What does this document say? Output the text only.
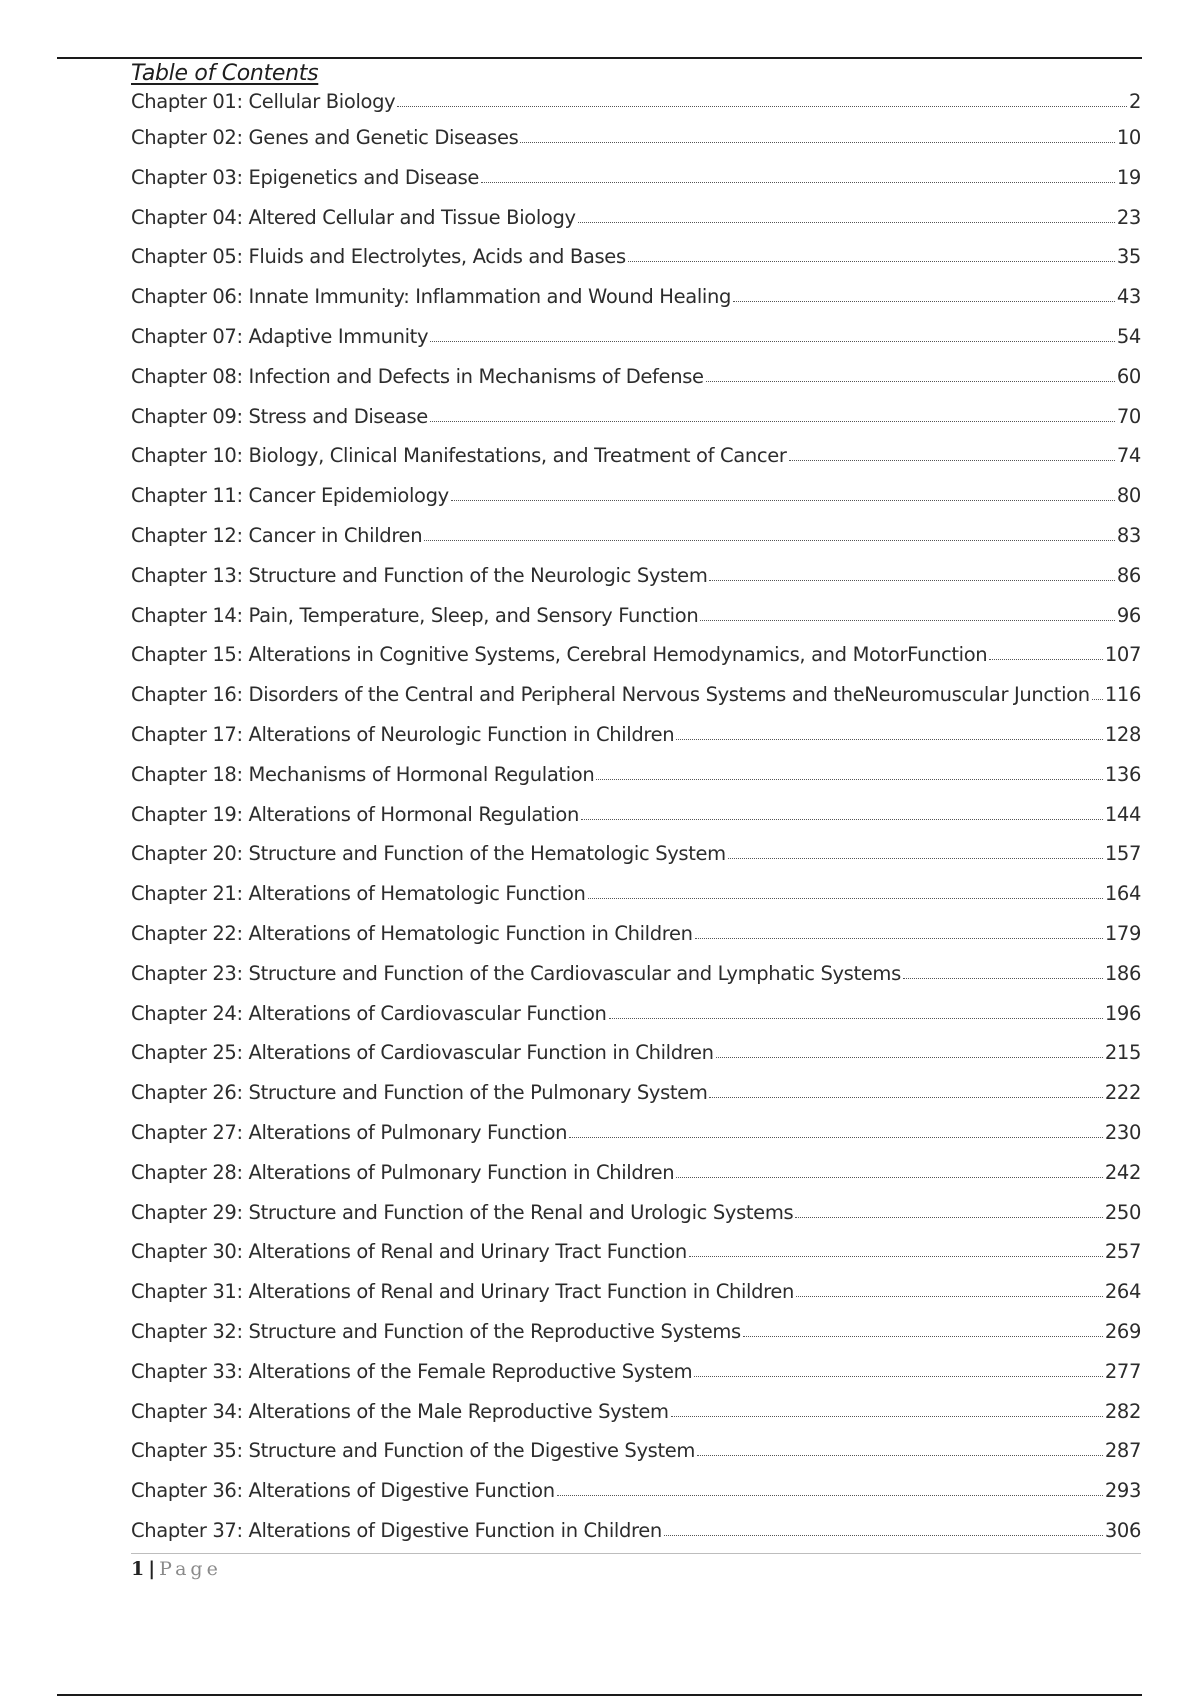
Table of Contents
Chapter 01: Cellular Biology	2
Chapter 02: Genes and Genetic Diseases	10
Chapter 03: Epigenetics and Disease	19
Chapter 04: Altered Cellular and Tissue Biology	23
Chapter 05: Fluids and Electrolytes, Acids and Bases	35
Chapter 06: Innate Immunity: Inflammation and Wound Healing	43
Chapter 07: Adaptive Immunity	54
Chapter 08: Infection and Defects in Mechanisms of Defense	60
Chapter 09: Stress and Disease	70
Chapter 10: Biology, Clinical Manifestations, and Treatment of Cancer	74
Chapter 11: Cancer Epidemiology	80
Chapter 12: Cancer in Children	83
Chapter 13: Structure and Function of the Neurologic System	86
Chapter 14: Pain, Temperature, Sleep, and Sensory Function	96
Chapter 15: Alterations in Cognitive Systems, Cerebral Hemodynamics, and MotorFunction	107
Chapter 16: Disorders of the Central and Peripheral Nervous Systems and theNeuromuscular Junction 116
Chapter 17: Alterations of Neurologic Function in Children	128
Chapter 18: Mechanisms of Hormonal Regulation	136
Chapter 19: Alterations of Hormonal Regulation	144
Chapter 20: Structure and Function of the Hematologic System	157
Chapter 21: Alterations of Hematologic Function	164
Chapter 22: Alterations of Hematologic Function in Children	179
Chapter 23: Structure and Function of the Cardiovascular and Lymphatic Systems	186
Chapter 24: Alterations of Cardiovascular Function	196
Chapter 25: Alterations of Cardiovascular Function in Children	215
Chapter 26: Structure and Function of the Pulmonary System	222
Chapter 27: Alterations of Pulmonary Function	230
Chapter 28: Alterations of Pulmonary Function in Children	242
Chapter 29: Structure and Function of the Renal and Urologic Systems	250
Chapter 30: Alterations of Renal and Urinary Tract Function	257
Chapter 31: Alterations of Renal and Urinary Tract Function in Children	264
Chapter 32: Structure and Function of the Reproductive Systems	269
Chapter 33: Alterations of the Female Reproductive System	277
Chapter 34: Alterations of the Male Reproductive System	282
Chapter 35: Structure and Function of the Digestive System	287
Chapter 36: Alterations of Digestive Function	293
Chapter 37: Alterations of Digestive Function in Children	306
1 | Page
